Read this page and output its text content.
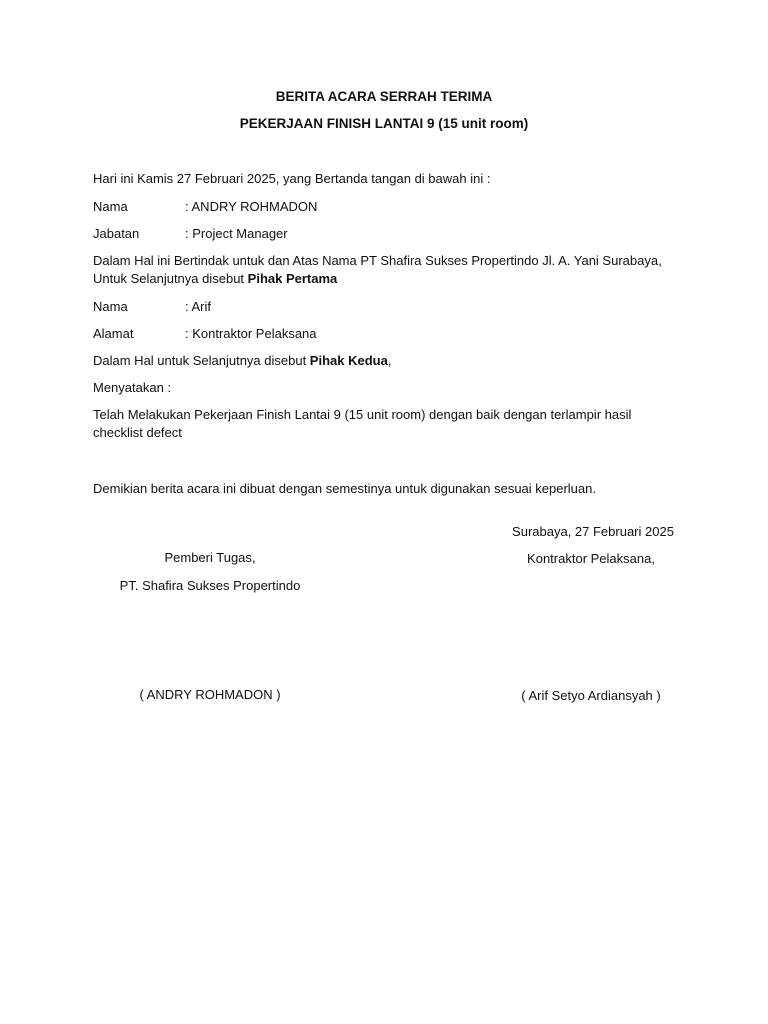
BERITA ACARA SERRAH TERIMA
PEKERJAAN FINISH LANTAI 9 (15 unit room)
Hari ini Kamis 27 Februari 2025, yang Bertanda tangan di bawah ini :
Nama	: ANDRY ROHMADON
Jabatan	: Project Manager
Dalam Hal ini Bertindak untuk dan Atas Nama PT Shafira Sukses Propertindo Jl. A. Yani Surabaya, Untuk Selanjutnya disebut Pihak Pertama
Nama	: Arif
Alamat	: Kontraktor Pelaksana
Dalam Hal untuk Selanjutnya disebut Pihak Kedua,
Menyatakan :
Telah Melakukan Pekerjaan Finish Lantai 9 (15 unit room) dengan baik dengan terlampir hasil checklist defect
Demikian berita acara ini dibuat dengan semestinya untuk digunakan sesuai keperluan.
Surabaya, 27 Februari 2025
Pemberi Tugas,	Kontraktor Pelaksana,
PT. Shafira Sukses Propertindo
( ANDRY ROHMADON )	( Arif Setyo Ardiansyah )
